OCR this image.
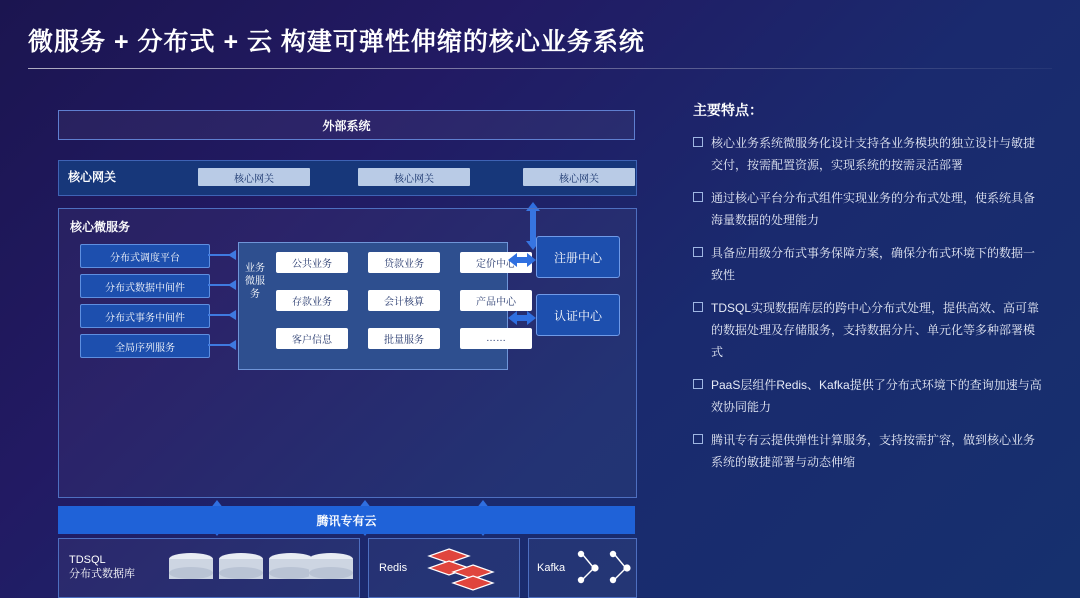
微服务 + 分布式 + 云 构建可弹性伸缩的核心业务系统
外部系统
核心网关	核心网关	核心网关	核心网关
核心微服务
分布式调度平台
分布式数据中间件
分布式事务中间件
全局序列服务
业务微服务
公共业务	贷款业务	定价中心
存款业务	会计核算	产品中心
客户信息	批量服务	……
注册中心
认证中心
TDSQL
分布式数据库	Redis	Kafka
腾讯专有云
主要特点：
核心业务系统微服务化设计支持各业务模块的独立设计与敏捷交付，按需配置资源，实现系统的按需灵活部署
通过核心平台分布式组件实现业务的分布式处理，使系统具备海量数据的处理能力
具备应用级分布式事务保障方案，确保分布式环境下的数据一致性
TDSQL实现数据库层的跨中心分布式处理，提供高效、高可靠的数据处理及存储服务，支持数据分片、单元化等多种部署模式
PaaS层组件Redis、Kafka提供了分布式环境下的查询加速与高效协同能力
腾讯专有云提供弹性计算服务，支持按需扩容，做到核心业务系统的敏捷部署与动态伸缩
